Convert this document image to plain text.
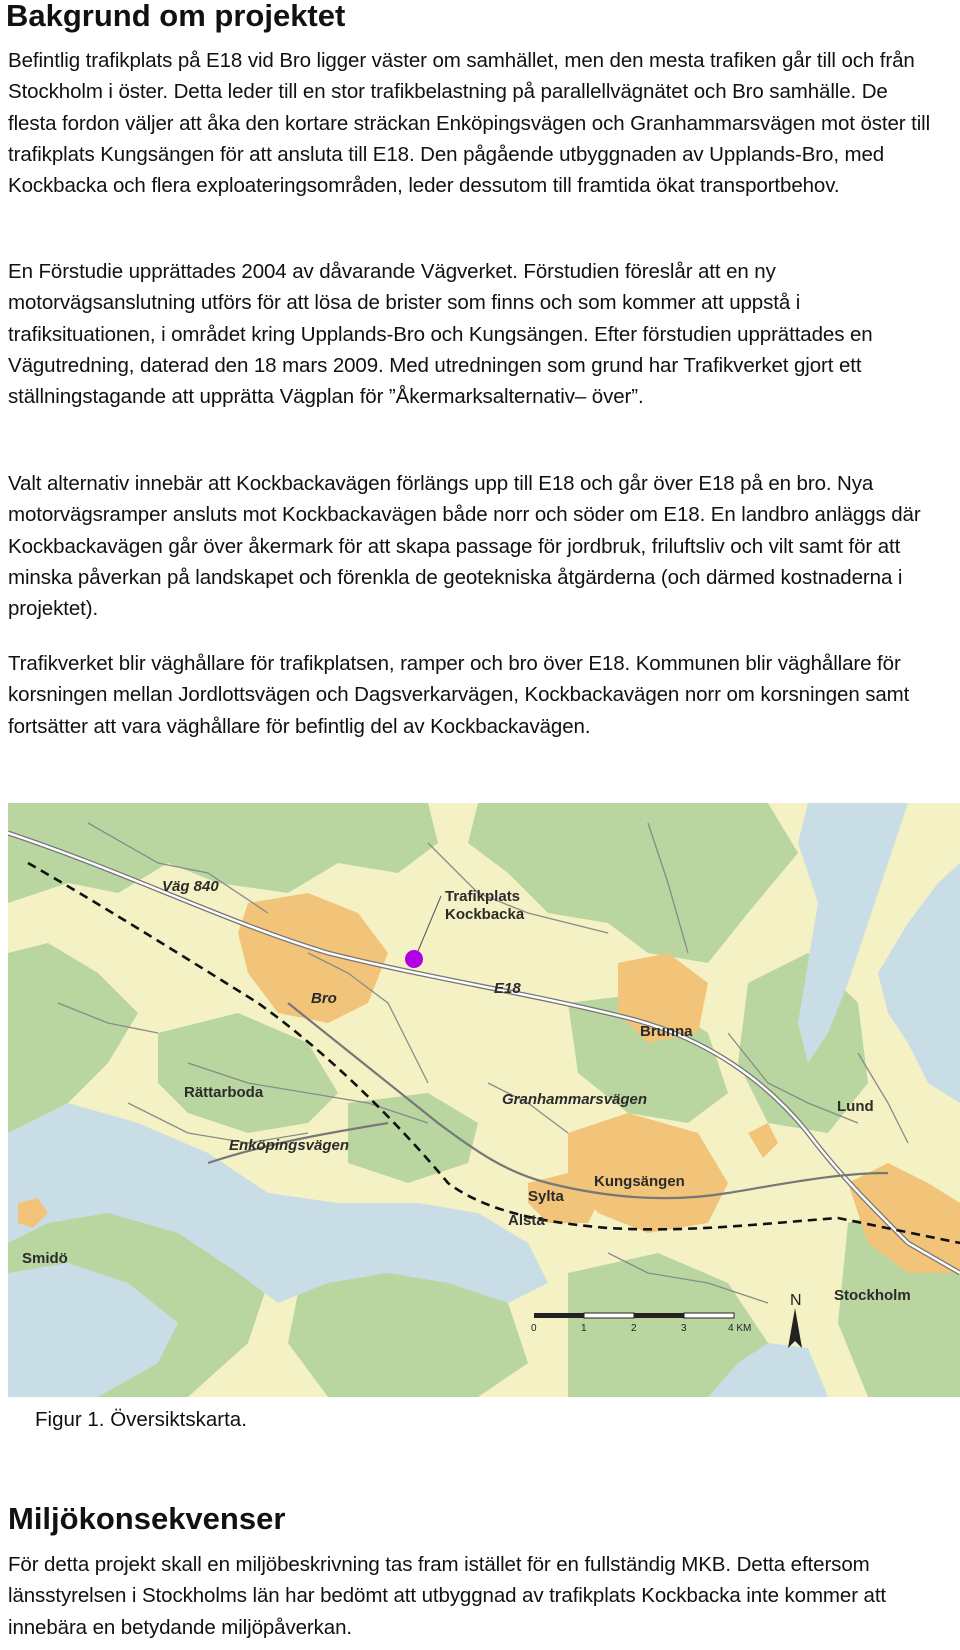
Bakgrund om projektet

Befintlig trafikplats på E18 vid Bro ligger väster om samhället, men den mesta trafiken går till och från Stockholm i öster. Detta leder till en stor trafikbelastning på parallellvägnätet och Bro samhälle. De flesta fordon väljer att åka den kortare sträckan Enköpingsvägen och Granhammarsvägen mot öster till trafikplats Kungsängen för att ansluta till E18. Den pågående utbyggnaden av Upplands-Bro, med Kockbacka och flera exploateringsområden, leder dessutom till framtida ökat transportbehov.

En Förstudie upprättades 2004 av dåvarande Vägverket. Förstudien föreslår att en ny motorvägsanslutning utförs för att lösa de brister som finns och som kommer att uppstå i trafiksituationen, i området kring Upplands-Bro och Kungsängen. Efter förstudien upprättades en Vägutredning, daterad den 18 mars 2009. Med utredningen som grund har Trafikverket gjort ett ställningstagande att upprätta Vägplan för ”Åkermarksalternativ– över”.

Valt alternativ innebär att Kockbackavägen förlängs upp till E18 och går över E18 på en bro. Nya motorvägsramper ansluts mot Kockbackavägen både norr och söder om E18. En landbro anläggs där Kockbackavägen går över åkermark för att skapa passage för jordbruk, friluftsliv och vilt samt för att minska påverkan på landskapet och förenkla de geotekniska åtgärderna (och därmed kostnaderna i projektet).

Trafikverket blir väghållare för trafikplatsen, ramper och bro över E18. Kommunen blir väghållare för korsningen mellan Jordlottsvägen och Dagsverkarvägen, Kockbackavägen norr om korsningen samt fortsätter att vara väghållare för befintlig del av Kockbackavägen.

Väg 840
Trafikplats
Kockbacka
Bro
E18
Brunna
Rättarboda	Granhammarsvägen	Lund
Enköpingsvägen
Sylta
Alsta
Kungsängen
Smidö
Stockholm
0	1	2	3	4 KM
N
Figur 1. Översiktskarta.
Miljökonsekvenser

För detta projekt skall en miljöbeskrivning tas fram istället för en fullständig MKB. Detta eftersom länsstyrelsen i Stockholms län har bedömt att utbyggnad av trafikplats Kockbacka inte kommer att innebära en betydande miljöpåverkan.
